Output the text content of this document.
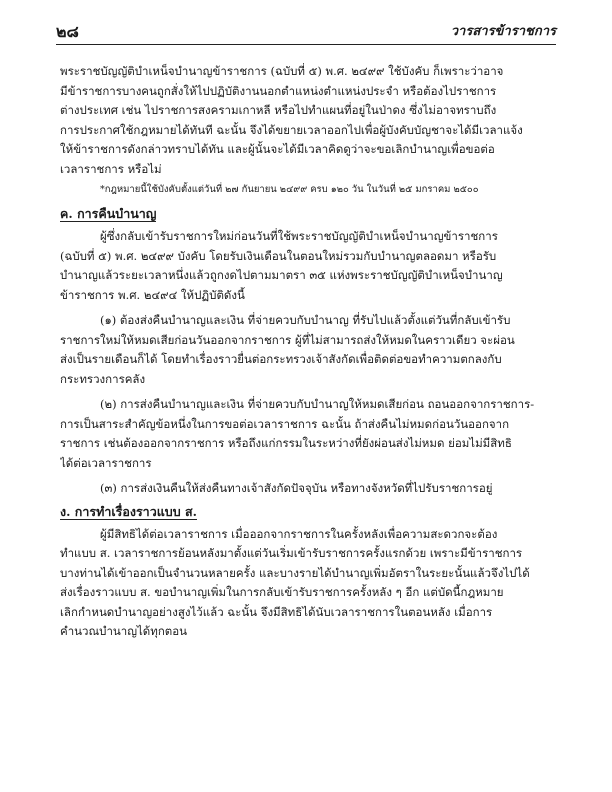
๒๘	วารสารข้าราชการ
พระราชบัญญัติบำเหน็จบำนาญข้าราชการ (ฉบับที่ ๕) พ.ศ. ๒๔๙๙ ใช้บังคับ ก็เพราะว่าอาจ
มีข้าราชการบางคนถูกสั่งให้ไปปฏิบัติงานนอกตำแหน่งตำแหน่งประจำ หรือต้องไปราชการ
ต่างประเทศ เช่น ไปราชการสงครามเกาหลี หรือไปทำแผนที่อยู่ในป่าดง ซึ่งไม่อาจทราบถึง
การประกาศใช้กฎหมายได้ทันที ฉะนั้น จึงได้ขยายเวลาออกไปเพื่อผู้บังคับบัญชาจะได้มีเวลาแจ้ง
ให้ข้าราชการดังกล่าวทราบได้ทัน และผู้นั้นจะได้มีเวลาคิดดูว่าจะขอเลิกบำนาญเพื่อขอต่อ
เวลาราชการ หรือไม่
*กฎหมายนี้ใช้บังคับตั้งแต่วันที่ ๒๗ กันยายน ๒๔๙๙ ครบ ๑๒๐ วัน ในวันที่ ๒๕ มกราคม ๒๕๐๐
ค. การคืนบำนาญ
ผู้ซึ่งกลับเข้ารับราชการใหม่ก่อนวันที่ใช้พระราชบัญญัติบำเหน็จบำนาญข้าราชการ
(ฉบับที่ ๕) พ.ศ. ๒๔๙๙ บังคับ โดยรับเงินเดือนในตอนใหม่รวมกับบำนาญตลอดมา หรือรับ
บำนาญแล้วระยะเวลาหนึ่งแล้วถูกงดไปตามมาตรา ๓๕ แห่งพระราชบัญญัติบำเหน็จบำนาญ
ข้าราชการ พ.ศ. ๒๔๙๔ ให้ปฏิบัติดังนี้
(๑) ต้องส่งคืนบำนาญและเงิน ที่จ่ายควบกับบำนาญ ที่รับไปแล้วตั้งแต่วันที่กลับเข้ารับ
ราชการใหม่ให้หมดเสียก่อนวันออกจากราชการ ผู้ที่ไม่สามารถส่งให้หมดในคราวเดียว จะผ่อน
ส่งเป็นรายเดือนก็ได้ โดยทำเรื่องราวยื่นต่อกระทรวงเจ้าสังกัดเพื่อติดต่อขอทำความตกลงกับ
กระทรวงการคลัง
(๒) การส่งคืนบำนาญและเงิน ที่จ่ายควบกับบำนาญให้หมดเสียก่อน ถอนออกจากราชการ-
การเป็นสาระสำคัญข้อหนึ่งในการขอต่อเวลาราชการ ฉะนั้น ถ้าส่งคืนไม่หมดก่อนวันออกจาก
ราชการ เช่นต้องออกจากราชการ หรือถึงแก่กรรมในระหว่างที่ยังผ่อนส่งไม่หมด ย่อมไม่มีสิทธิ
ได้ต่อเวลาราชการ
(๓) การส่งเงินคืนให้ส่งคืนทางเจ้าสังกัดปัจจุบัน หรือทางจังหวัดที่ไปรับราชการอยู่
ง. การทำเรื่องราวแบบ ส.
ผู้มีสิทธิได้ต่อเวลาราชการ เมื่อออกจากราชการในครั้งหลังเพื่อความสะดวกจะต้อง
ทำแบบ ส. เวลาราชการย้อนหลังมาตั้งแต่วันเริ่มเข้ารับราชการครั้งแรกด้วย เพราะมีข้าราชการ
บางท่านได้เข้าออกเป็นจำนวนหลายครั้ง และบางรายได้บำนาญเพิ่มอัตราในระยะนั้นแล้วจึงไปได้
ส่งเรื่องราวแบบ ส. ขอบำนาญเพิ่มในการกลับเข้ารับราชการครั้งหลัง ๆ อีก แต่บัดนี้กฎหมาย
เลิกกำหนดบำนาญอย่างสูงไว้แล้ว ฉะนั้น จึงมีสิทธิได้นับเวลาราชการในตอนหลัง เมื่อการ
คำนวณบำนาญได้ทุกตอน
